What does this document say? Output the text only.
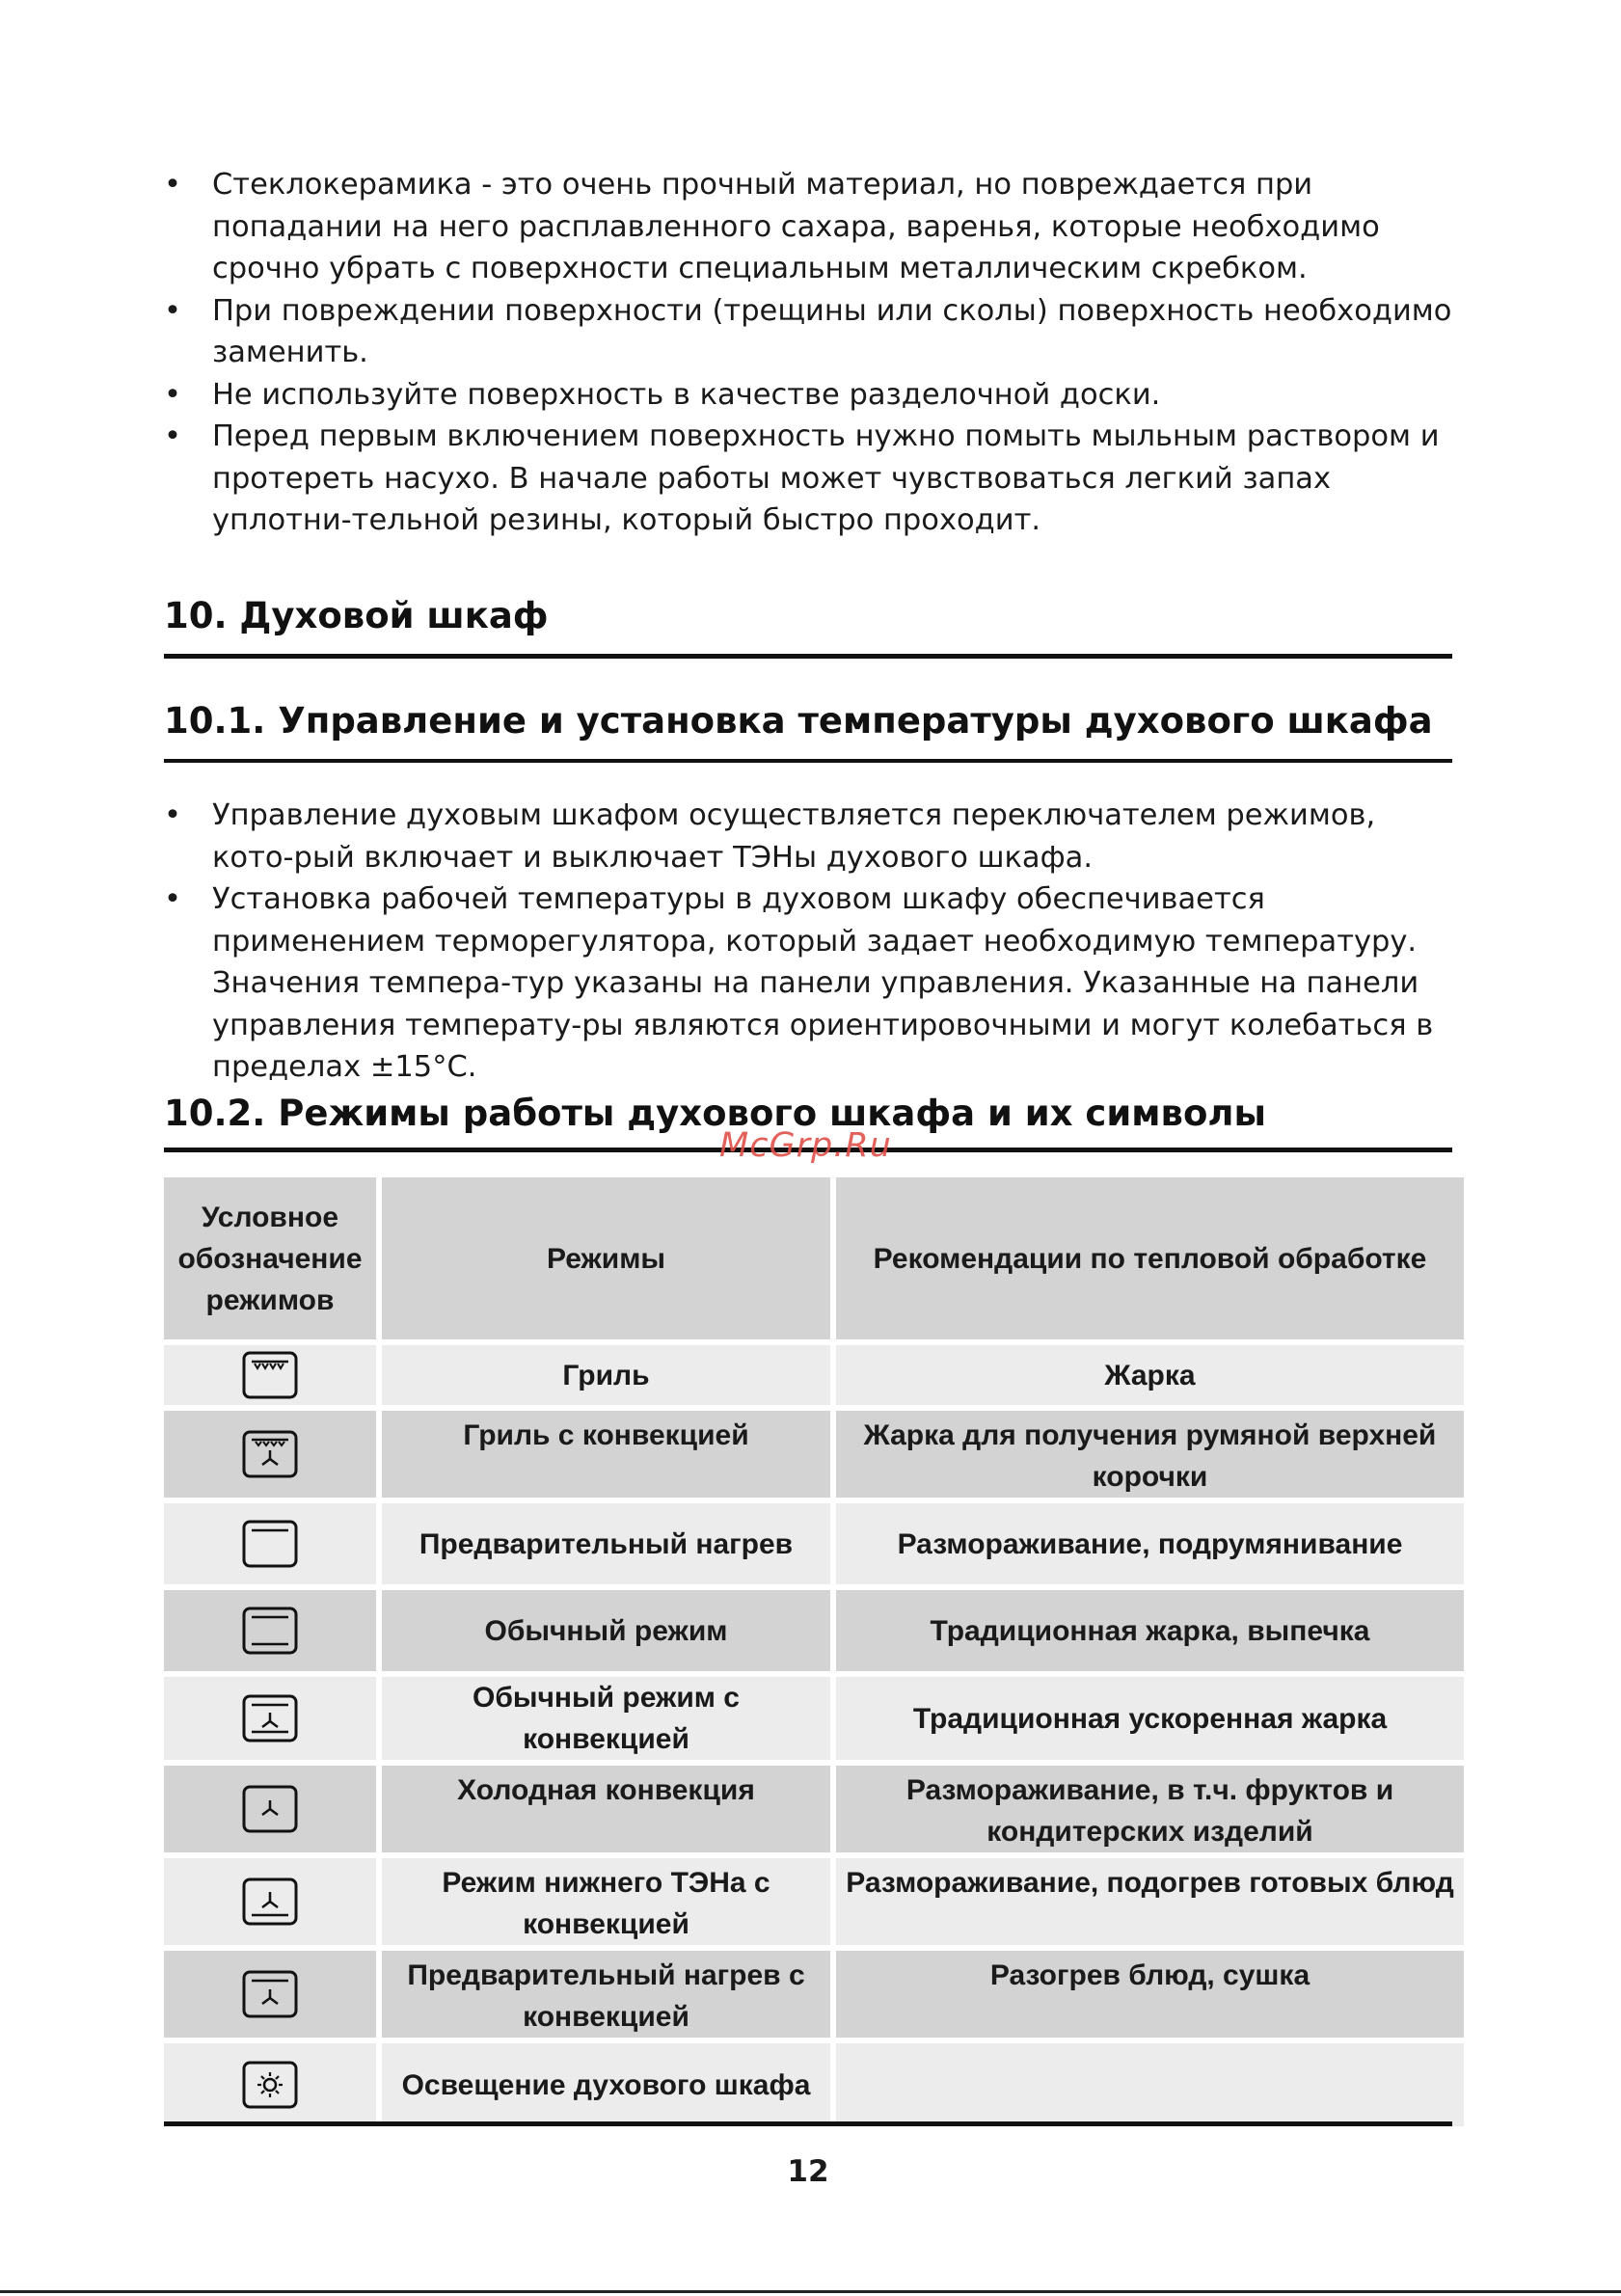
• Стеклокерамика - это очень прочный материал, но повреждается при попадании на него расплавленного сахара, варенья, которые необходимо срочно убрать с поверхности специальным металлическим скребком.
• При повреждении поверхности (трещины или сколы) поверхность необходимо заменить.
• Не используйте поверхность в качестве разделочной доски.
• Перед первым включением поверхность нужно помыть мыльным раствором и протереть насухо. В начале работы может чувствоваться легкий запах уплотни-тельной резины, который быстро проходит.
10. Духовой шкаф
10.1. Управление и установка температуры духового шкафа
• Управление духовым шкафом осуществляется переключателем режимов, кото-рый включает и выключает ТЭНы духового шкафа.
• Установка рабочей температуры в духовом шкафу обеспечивается применением терморегулятора, который задает необходимую температуру. Значения темпера-тур указаны на панели управления. Указанные на панели управления температу-ры являются ориентировочными и могут колебаться в пределах ±15°С.
10.2. Режимы работы духового шкафа и их символы
McGrp.Ru
Условное обозначение режимов	Режимы	Рекомендации по тепловой обработке

	Гриль	Жарка

	Гриль с конвекцией	Жарка для получения румяной верхней корочки

	Предварительный нагрев	Размораживание, подрумянивание

	Обычный режим	Традиционная жарка, выпечка

	Обычный режим с конвекцией	Традиционная ускоренная жарка

	Холодная конвекция	Размораживание, в т.ч. фруктов и кондитерских изделий

	Режим нижнего ТЭНа с конвекцией	Размораживание, подогрев готовых блюд

	Предварительный нагрев с конвекцией	Разогрев блюд, сушка

	Освещение духового шкафа	
12
